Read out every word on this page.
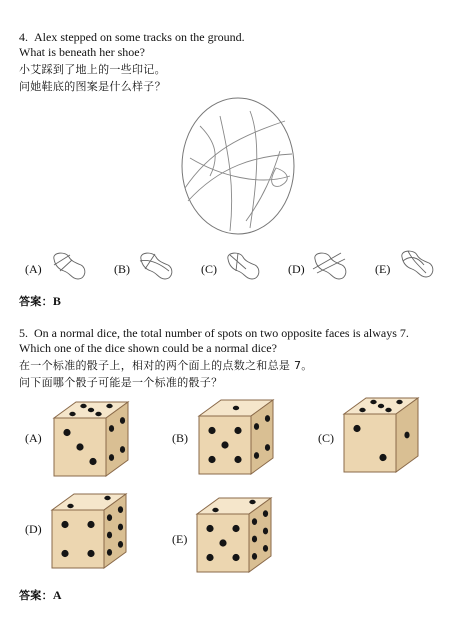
4. Alex stepped on some tracks on the ground.
What is beneath her shoe?
小艾踩到了地上的一些印记。
问她鞋底的图案是什么样子？
(A)	(B)	(C)	(D)	(E)
答案：B
5. On a normal dice, the total number of spots on two opposite faces is always 7.
Which one of the dice shown could be a normal dice?
在一个标准的骰子上，相对的两个面上的点数之和总是 7。
问下面哪个骰子可能是一个标准的骰子？
(A)	(B)	(C)
(D)
(E)
答案：A
